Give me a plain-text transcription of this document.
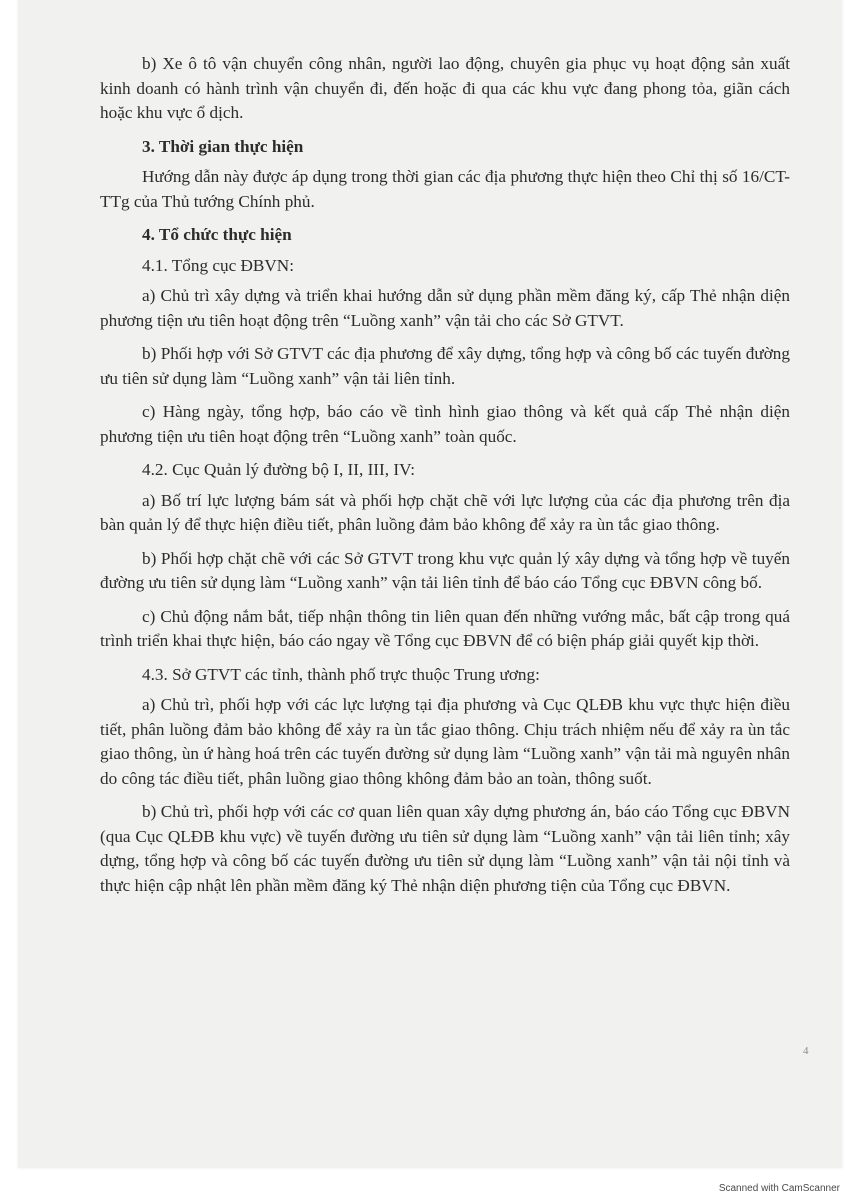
b) Xe ô tô vận chuyển công nhân, người lao động, chuyên gia phục vụ hoạt động sản xuất kinh doanh có hành trình vận chuyển đi, đến hoặc đi qua các khu vực đang phong tỏa, giãn cách hoặc khu vực ổ dịch.

3. Thời gian thực hiện

Hướng dẫn này được áp dụng trong thời gian các địa phương thực hiện theo Chỉ thị số 16/CT-TTg của Thủ tướng Chính phủ.

4. Tổ chức thực hiện

4.1. Tổng cục ĐBVN:

a) Chủ trì xây dựng và triển khai hướng dẫn sử dụng phần mềm đăng ký, cấp Thẻ nhận diện phương tiện ưu tiên hoạt động trên “Luồng xanh” vận tải cho các Sở GTVT.

b) Phối hợp với Sở GTVT các địa phương để xây dựng, tổng hợp và công bố các tuyến đường ưu tiên sử dụng làm “Luồng xanh” vận tải liên tỉnh.

c) Hàng ngày, tổng hợp, báo cáo về tình hình giao thông và kết quả cấp Thẻ nhận diện phương tiện ưu tiên hoạt động trên “Luồng xanh” toàn quốc.

4.2. Cục Quản lý đường bộ I, II, III, IV:

a) Bố trí lực lượng bám sát và phối hợp chặt chẽ với lực lượng của các địa phương trên địa bàn quản lý để thực hiện điều tiết, phân luồng đảm bảo không để xảy ra ùn tắc giao thông.

b) Phối hợp chặt chẽ với các Sở GTVT trong khu vực quản lý xây dựng và tổng hợp về tuyến đường ưu tiên sử dụng làm “Luồng xanh” vận tải liên tỉnh để báo cáo Tổng cục ĐBVN công bố.

c) Chủ động nắm bắt, tiếp nhận thông tin liên quan đến những vướng mắc, bất cập trong quá trình triển khai thực hiện, báo cáo ngay về Tổng cục ĐBVN để có biện pháp giải quyết kịp thời.

4.3. Sở GTVT các tỉnh, thành phố trực thuộc Trung ương:

a) Chủ trì, phối hợp với các lực lượng tại địa phương và Cục QLĐB khu vực thực hiện điều tiết, phân luồng đảm bảo không để xảy ra ùn tắc giao thông. Chịu trách nhiệm nếu để xảy ra ùn tắc giao thông, ùn ứ hàng hoá trên các tuyến đường sử dụng làm “Luồng xanh” vận tải mà nguyên nhân do công tác điều tiết, phân luồng giao thông không đảm bảo an toàn, thông suốt.

b) Chủ trì, phối hợp với các cơ quan liên quan xây dựng phương án, báo cáo Tổng cục ĐBVN (qua Cục QLĐB khu vực) về tuyến đường ưu tiên sử dụng làm “Luồng xanh” vận tải liên tỉnh; xây dựng, tổng hợp và công bố các tuyến đường ưu tiên sử dụng làm “Luồng xanh” vận tải nội tỉnh và thực hiện cập nhật lên phần mềm đăng ký Thẻ nhận diện phương tiện của Tổng cục ĐBVN.

4
Scanned with CamScanner
